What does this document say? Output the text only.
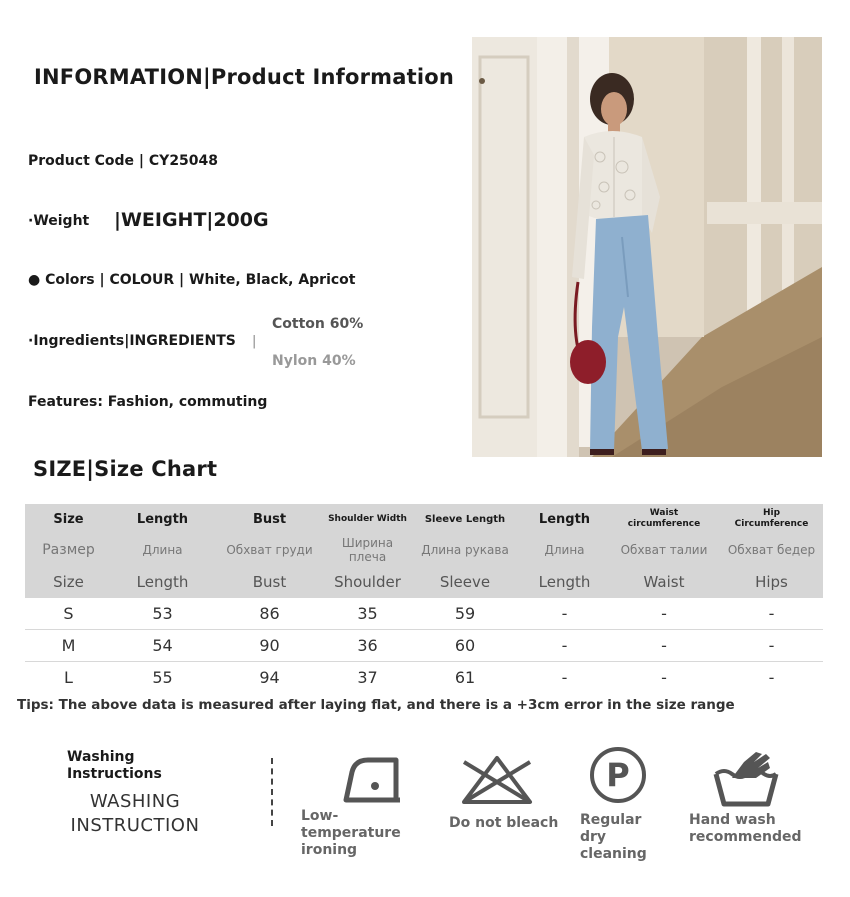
INFORMATION|Product Information
Product Code | CY25048
·Weight |WEIGHT|200G
● Colors | COLOUR | White, Black, Apricot
·Ingredients|INGREDIENTS |
Cotton 60%
Nylon 40%
Features: Fashion, commuting
SIZE|Size Chart
Size	Length	Bust	Shoulder Width	Sleeve Length	Length	Waist circumference	Hip Circumference
Размер	Длина	Обхват груди	Ширина плеча	Длина рукава	Длина	Обхват талии	Обхват бедер
Size	Length	Bust	Shoulder	Sleeve	Length	Waist	Hips
S	53	86	35	59	-	-	-
M	54	90	36	60	-	-	-
L	55	94	37	61	-	-	-
Tips: The above data is measured after laying flat, and there is a +3cm error in the size range
Washing Instructions
WASHING
INSTRUCTION	Low-temperature ironing
Do not bleach
P
Regular dry cleaning
Hand wash recommended
